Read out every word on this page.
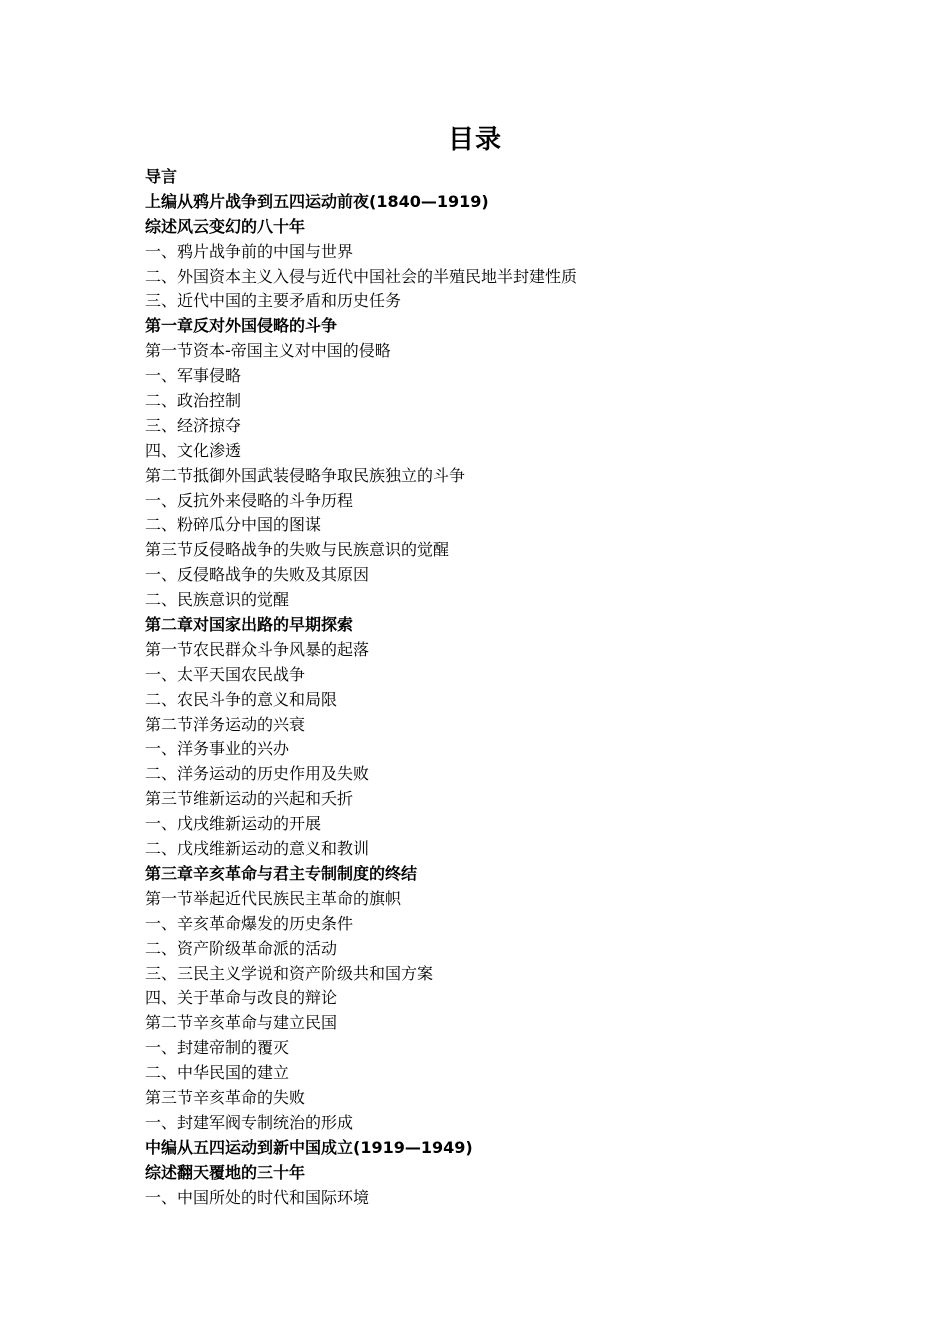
目录
导言
上编从鸦片战争到五四运动前夜(1840—1919)
综述风云变幻的八十年
一、鸦片战争前的中国与世界
二、外国资本主义入侵与近代中国社会的半殖民地半封建性质
三、近代中国的主要矛盾和历史任务
第一章反对外国侵略的斗争
第一节资本-帝国主义对中国的侵略
一、军事侵略
二、政治控制
三、经济掠夺
四、文化渗透
第二节抵御外国武装侵略争取民族独立的斗争
一、反抗外来侵略的斗争历程
二、粉碎瓜分中国的图谋
第三节反侵略战争的失败与民族意识的觉醒
一、反侵略战争的失败及其原因
二、民族意识的觉醒
第二章对国家出路的早期探索
第一节农民群众斗争风暴的起落
一、太平天国农民战争
二、农民斗争的意义和局限
第二节洋务运动的兴衰
一、洋务事业的兴办
二、洋务运动的历史作用及失败
第三节维新运动的兴起和夭折
一、戊戌维新运动的开展
二、戊戌维新运动的意义和教训
第三章辛亥革命与君主专制制度的终结
第一节举起近代民族民主革命的旗帜
一、辛亥革命爆发的历史条件
二、资产阶级革命派的活动
三、三民主义学说和资产阶级共和国方案
四、关于革命与改良的辩论
第二节辛亥革命与建立民国
一、封建帝制的覆灭
二、中华民国的建立
第三节辛亥革命的失败
一、封建军阀专制统治的形成
中编从五四运动到新中国成立(1919—1949)
综述翻天覆地的三十年
一、中国所处的时代和国际环境
